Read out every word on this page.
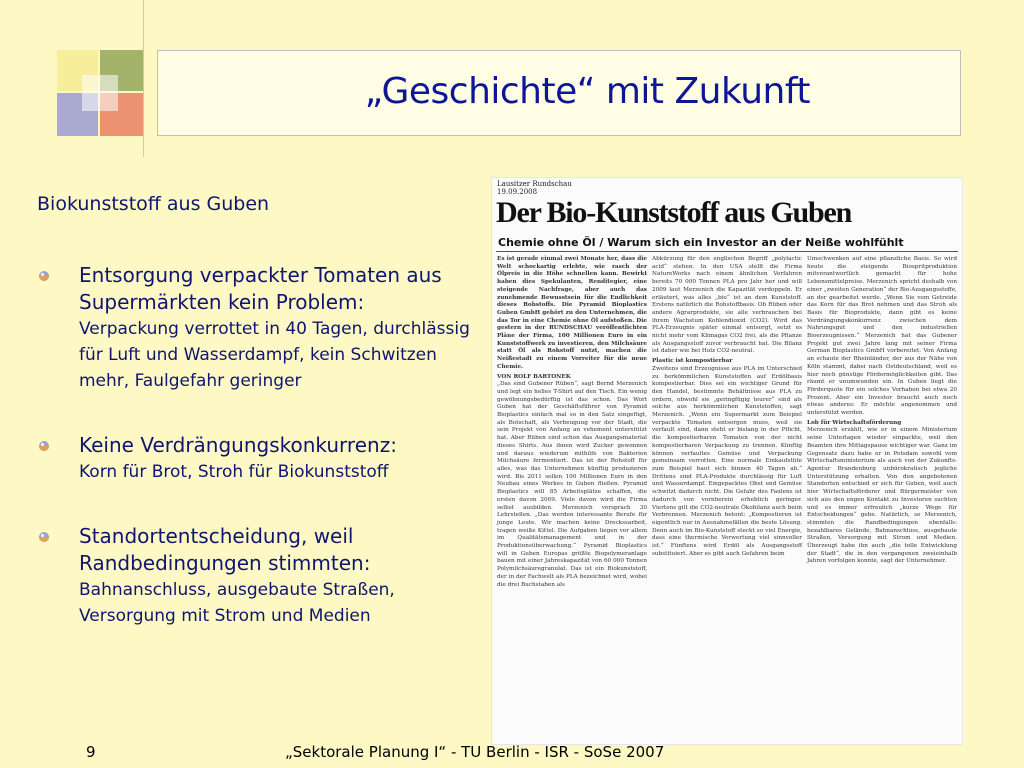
„Geschichte“ mit Zukunft
Biokunststoff aus Guben
Entsorgung verpackter Tomaten aus Supermärkten kein Problem:
Verpackung verrottet in 40 Tagen, durchlässig für Luft und Wasserdampf, kein Schwitzen mehr, Faulgefahr geringer
Keine Verdrängungskonkurrenz:
Korn für Brot, Stroh für Biokunststoff
Standortentscheidung, weil Randbedingungen stimmten:
Bahnanschluss, ausgebaute Straßen, Versorgung mit Strom und Medien
Lausitzer Rundschau
19.09.2008
Der Bio-Kunststoff aus Guben
Chemie ohne Öl / Warum sich ein Investor an der Neiße wohlfühlt
Es ist gerade einmal zwei Monate her, dass die Welt schockartig erlebte, wie rasch der Ölpreis in die Höhe schnellen kann. Bewirkt haben dies Spekulanten, Renditegier, eine steigende Nachfrage, aber auch das zunehmende Bewusstsein für die Endlichkeit dieses Rohstoffs. Die Pyramid Bioplastics Guben GmbH gehört zu den Unternehmen, die das Tor in eine Chemie ohne Öl aufstoßen. Die gestern in der RUNDSCHAU veröffentlichten Pläne der Firma, 100 Millionen Euro in ein Kunststoffwerk zu investieren, den Milchsäure statt Öl als Rohstoff nutzt, machen die Neißestadt zu einem Vorreiter für die neue Chemie.
VON ROLF BARTONEK
„Das sind Gubener Rüben“, sagt Bernd Merzenich und legt ein helles T-Shirt auf den Tisch. Ein wenig gewöhnungsbedürftig ist das schon. Das Wort Guben hat der Geschäftsführer von Pyramid Bioplastics einfach mal so in den Satz eingefügt, als Botschaft, als Verbeugung vor der Stadt, die sein Projekt von Anfang an vehement unterstützt hat. Aber Rüben sind schon das Ausgangsmaterial dieses Shirts. Aus ihnen wird Zucker gewonnen und daraus wiederum mithilfe von Bakterien Milchsäure fermentiert. Das ist der Rohstoff für alles, was das Unternehmen künftig produzieren wird. Bis 2011 sollen 100 Millionen Euro in den Neubau eines Werkes in Guben fließen. Pyramid Bioplastics will 85 Arbeitsplätze schaffen, die ersten davon 2009. Viele davon wird die Firma selbst ausbilden. Merzenich versprach 30 Lehrstellen. „Das werden interessante Berufe für junge Leute. Wir machen keine Dreckssarbeit, tragen weiße Kittel. Die Aufgaben liegen vor allem im Qualitätsmanagement und in der Produktionsüberwachung.“ Pyramid Bioplastics will in Guben Europas größte Biopolymeranlage bauen mit einer Jahreskapazität von 60 000 Tonnen Polymilchsäuregranulat. Das ist ein Biokunststoff, der in der Fachwelt als PLA bezeichnet wird, wobei die drei Buchstaben als
Abkürzung für den englischen Begriff „polylactic acid“ stehen. In den USA stellt die Firma NatureWorks nach einem ähnlichen Verfahren bereits 70 000 Tonnen PLA pro Jahr her und will 2009 laut Merzenich die Kapazität verdoppeln. Er erläutert, was alles „bio“ ist an dem Kunststoff. Erstens natürlich die Rohstoffbasis. Ob Rüben oder andere Agrarprodukte, sie alle verbrauchen bei ihrem Wachstum Kohlendioxid (CO2). Wird das PLA-Erzeugnis später einmal entsorgt, setzt es nicht mehr vom Klimagas CO2 frei, als die Pflanze als Ausgangsstoff zuvor verbraucht hat. Die Bilanz ist daher wie bei Holz CO2-neutral.
Plastic ist kompostierbar
Zweitens sind Erzeugnisse aus PLA im Unterschied zu herkömmlichen Kunststoffen auf Erdölbasis kompostierbar. Dies sei ein wichtiger Grund für den Handel, bestimmte Behältnisse aus PLA zu ordern, obwohl sie „geringfügig teurer“ sind als solche aus herkömmlichen Kunststoffen, sagt Merzenich. „Wenn ein Supermarkt zum Beispiel verpackte Tomaten entsorgen muss, weil sie verfault sind, dann steht er bislang in der Pflicht, die kompostierbaren Tomaten von der nicht kompostierbaren Verpackung zu trennen. Künftig können verfaultes Gemüse und Verpackung gemeinsam verrotten. Eine normale Einkaufstüte zum Beispiel baut sich binnen 40 Tagen ab.“ Drittens sind PLA-Produkte durchlässig für Luft und Wasserdampf. Eingepacktes Obst und Gemüse schwitzt dadurch nicht. Die Gefahr des Faulens ist dadurch von vornherein erheblich geringer. Viertens gilt die CO2-neutrale Ökobilanz auch beim Verbrennen. Merzenich betont: „Kompostieren ist eigentlich nur in Ausnahmefällen die beste Lösung. Denn auch im Bio-Kunststoff steckt so viel Energie, dass eine thermische Verwertung viel sinnvoller ist.“ Fünftens wird Erdöl als Ausgangsstoff substituiert. Aber es gibt auch Gefahren beim
Umschwenken auf eine pflanzliche Basis. So wird heute die steigende Biospritproduktion mitverantwortlich gemacht für hohe Lebensmittelpreise. Merzenich spricht deshalb von einer „zweiten Generation“ der Bio-Ausgangsstoffe, an der gearbeitet werde. „Wenn Sie vom Getreide das Korn für das Brot nehmen und das Stroh als Basis für Bioprodukte, dann gibt es keine Verdrängungskonkurrenz zwischen dem Nahrungsgut und den industriellen Bioerzeugnissen.“ Merzenich hat das Gubener Projekt gut zwei Jahre lang mit seiner Firma German Bioplastics GmbH vorbereitet. Von Anfang an schaute der Rheinländer, der aus der Nähe von Köln stammt, dabei nach Ostdeutschland, weil es hier noch günstige Fördermöglichkeiten gibt. Das räumt er unumwunden ein. In Guben liegt die Förderquote für ein solches Vorhaben bei etwa 20 Prozent. Aber ein Investor braucht auch noch etwas anderes: Er möchte angenommen und unterstützt werden.
Lob für Wirtschaftsförderung
Merzenich erzählt, wie er in einem Ministerium seine Unterlagen wieder einpackte, weil den Beamten ihre Mittagspause wichtiger war. Ganz im Gegensatz dazu habe er in Potsdam sowohl vom Wirtschaftsministerium als auch von der Zukunfts-Agentur Brandenburg unbürokratisch jegliche Unterstützung erhalten. Von den angebotenen Standorten entschied er sich für Guben, weil auch hier Wirtschaftsförderer und Bürgermeister von sich aus den engen Kontakt zu Investoren suchten und es immer erfreulich „kurze Wege für Entscheidungen“ gebe. Natürlich, so Merzenich, stimmten die Randbedingungen ebenfalls: bezahlbares Gelände, Bahnanschluss, ausgebaute Straßen, Versorgung mit Strom und Medien. Überzeugt habe ihn auch „die tolle Entwicklung der Stadt“, die in den vergangenen zweieinhalb Jahren vorfolgen konnte, sagt der Unternehmer.
9	„Sektorale Planung I“ - TU Berlin - ISR - SoSe 2007
